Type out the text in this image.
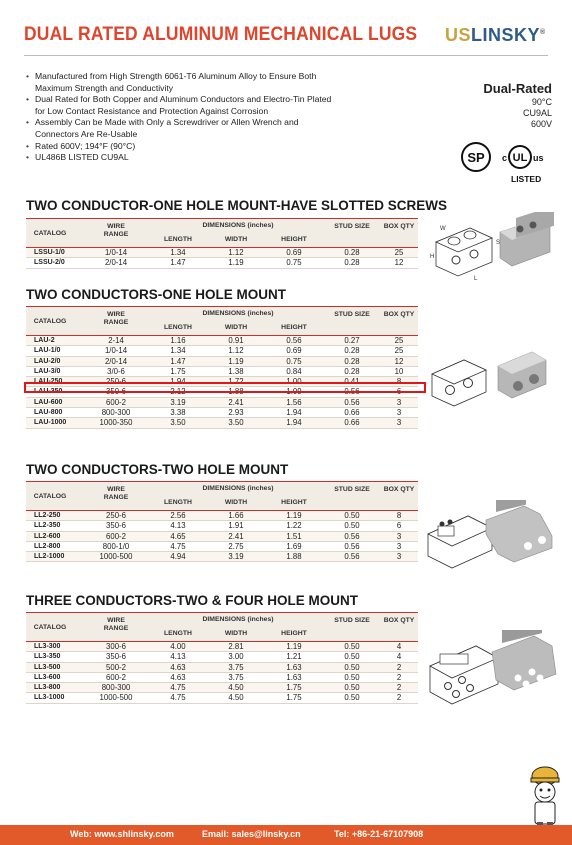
DUAL RATED ALUMINUM MECHANICAL LUGS USLINSKY®
• Manufactured from High Strength 6061-T6 Aluminum Alloy to Ensure Both Maximum Strength and Conductivity
• Dual Rated for Both Copper and Aluminum Conductors and Electro-Tin Plated for Low Contact Resistance and Protection Against Corrosion
• Assembly Can be Made with Only a Screwdriver or Allen Wrench and Connectors Are Re-Usable
• Rated 600V; 194°F (90°C)
• UL486B LISTED CU9AL
Dual-Rated
90°C
CU9AL
600V
SP c UL us
LISTED
TWO CONDUCTOR-ONE HOLE MOUNT-HAVE SLOTTED SCREWS
CATALOG
WIRE RANGE
DIMENSIONS (inches)
LENGTH	WIDTH	HEIGHT
STUD SIZE	BOX QTY
LSSU-1/0	1/0-14	1.34	1.12	0.69	0.28	25
LSSU-2/0	2/0-14	1.47	1.19	0.75	0.28	12
TWO CONDUCTORS-ONE HOLE MOUNT
CATALOG
WIRE RANGE
DIMENSIONS (inches)
LENGTH	WIDTH	HEIGHT
STUD SIZE	BOX QTY
LAU-2	2-14	1.16	0.91	0.56	0.27	25
LAU-1/0	1/0-14	1.34	1.12	0.69	0.28	25
LAU-2/0	2/0-14	1.47	1.19	0.75	0.28	12
LAU-3/0	3/0-6	1.75	1.38	0.84	0.28	10
LAU-250	250-6	1.94	1.72	1.00	0.41	8
LAU-350	350-6	2.12	1.88	1.09	0.56	6
LAU-600	600-2	3.19	2.41	1.56	0.56	3
LAU-800	800-300	3.38	2.93	1.94	0.66	3
LAU-1000	1000-350	3.50	3.50	1.94	0.66	3
TWO CONDUCTORS-TWO HOLE MOUNT
CATALOG
WIRE RANGE
DIMENSIONS (inches)
LENGTH	WIDTH	HEIGHT
STUD SIZE	BOX QTY
LL2-250	250-6	2.56	1.66	1.19	0.50	8
LL2-350	350-6	4.13	1.91	1.22	0.50	6
LL2-600	600-2	4.65	2.41	1.51	0.56	3
LL2-800	800-1/0	4.75	2.75	1.69	0.56	3
LL2-1000	1000-500	4.94	3.19	1.88	0.56	3
THREE CONDUCTORS-TWO & FOUR HOLE MOUNT
CATALOG
WIRE RANGE
DIMENSIONS (inches)
LENGTH	WIDTH	HEIGHT
STUD SIZE	BOX QTY
LL3-300	300-6	4.00	2.81	1.19	0.50	4
LL3-350	350-6	4.13	3.00	1.21	0.50	4
LL3-500	500-2	4.63	3.75	1.63	0.50	2
LL3-600	600-2	4.63	3.75	1.63	0.50	2
LL3-800	800-300	4.75	4.50	1.75	0.50	2
LL3-1000	1000-500	4.75	4.50	1.75	0.50	2
W
S
H
L
Web: www.shlinsky.com	Email: sales@linsky.cn	Tel: +86-21-67107908
